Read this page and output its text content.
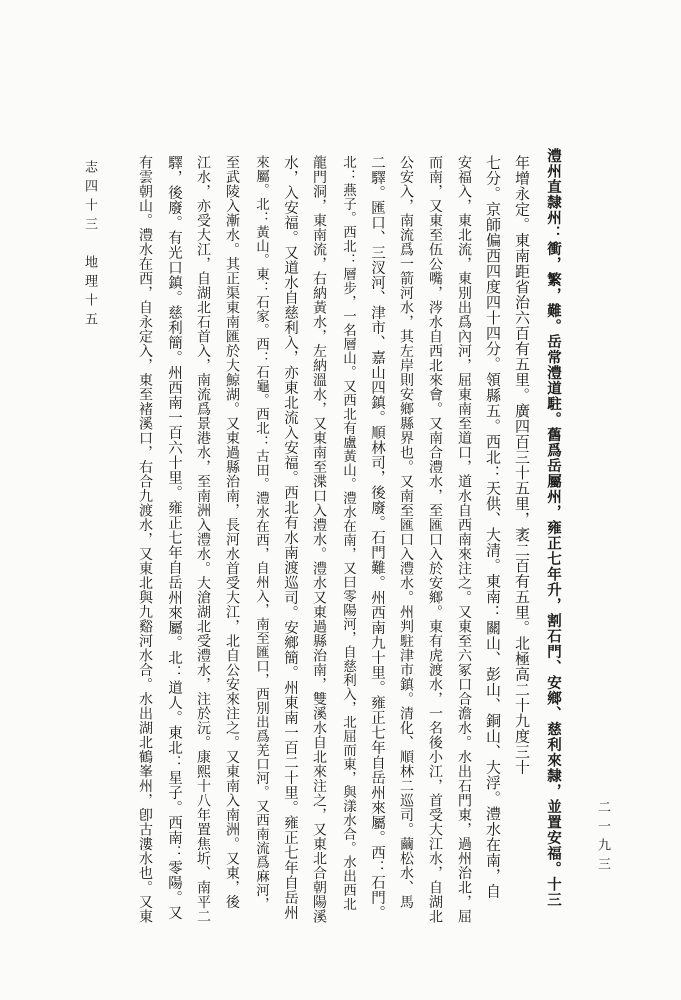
二一九三
澧州直隸州：衝，繁，難。岳常澧道駐。舊爲岳屬州，雍正七年升，割石門、安鄉、慈利來隸，並置安福。十三
年增永定。東南距省治六百有五里。廣四百三十五里，袤二百有五里。北極高二十九度三十
七分。京師偏西四度四十四分。領縣五。西北：天供、大清。東南：關山、彭山、銅山、大浮。澧水在南，自
安福入，東北流，東別出爲內河，屈東南至道口，道水自西南來注之。又東至六冢口合澹水。水出石門東，過州治北，屈
而南，又東至伍公嘴，涔水自西北來會。又南合澧水，至匯口入於安鄉。東有虎渡水，一名後小江，首受大江水，自湖北
公安入，南流爲一箭河水，其左岸則安鄉縣界也。又南至匯口入澧水。州判駐津市鎮。清化、順林二巡司。繭松水、馬
二驛。匯口、三汊河、津市、嘉山四鎮。順林司，後廢。石門難。州西南九十里。雍正七年自岳州來屬。西：石門。
北：燕子。西北：層步，一名層山。又西北有盧黃山。澧水在南，又曰零陽河，自慈利入，北屈而東，與漾水合。水出西北
龍門洞，東南流，右納黃水，左納溫水，又東南至渫口入澧水。澧水又東過縣治南，雙溪水自北來注之，又東北合朝陽溪
水，入安福。又道水自慈利入，亦東北流入安福。西北有水南渡巡司。安鄉簡。州東南一百二十里。雍正七年自岳州
來屬。北：黃山。東：石家。西：石龜。西北：古田。澧水在西，自州入，南至匯口，西別出爲羌口河。又西南流爲麻河，
至武陵入漸水。其正渠東南匯於大鯨湖。又東過縣治南，長河水首受大江，北自公安來注之。又東南入南洲。又東，後
江水，亦受大江，自湖北石首入，南流爲景港水，至南洲入澧水。大滄湖北受澧水，注於沅。康熙十八年置焦圻、南平二
驛，後廢。有光口鎮。慈利簡。州西南一百六十里。雍正七年自岳州來屬。北：道人。東北：星子。西南：零陽。又
有雲朝山。澧水在西，自永定入，東至褚溪口，右合九渡水，又東北與九谿河水合。水出湖北鶴峯州，卽古漊水也。又東
志四十三　地理十五
